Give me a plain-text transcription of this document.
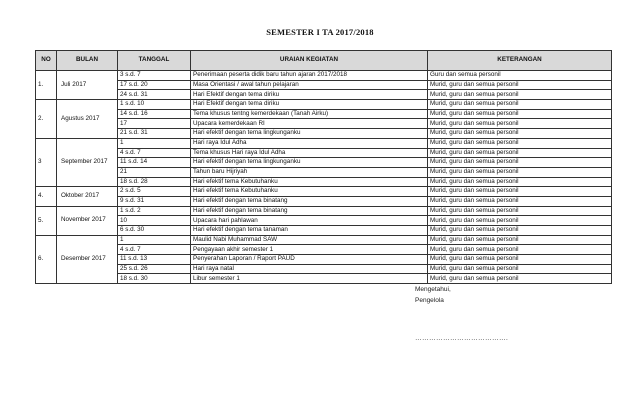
SEMESTER I TA 2017/2018
NO	BULAN	TANGGAL	URAIAN KEGIATAN	KETERANGAN
1.	Juli 2017	3 s.d. 7	Penerimaan peserta didik baru tahun ajaran 2017/2018	Guru dan semua personil
		17 s.d. 20	Masa Orientasi / awal tahun pelajaran	Murid, guru dan semua personil
		24 s.d. 31	Hari Efektif dengan tema diriku	Murid, guru dan semua personil
2.	Agustus 2017	1 s.d. 10	Hari Efektif dengan tema diriku	Murid, guru dan semua personil
		14 s.d. 16	Tema khusus tentng kemerdekaan (Tanah Airku)	Murid, guru dan semua personil
		17	Upacara kemerdekaan RI	Murid, guru dan semua personil
		21 s.d. 31	Hari efektif dengan tema lingkunganku	Murid, guru dan semua personil
3	September 2017	1	Hari raya Idul Adha	Murid, guru dan semua personil
		4 s.d. 7	Tema khusus Hari raya Idul Adha	Murid, guru dan semua personil
		11 s.d. 14	Hari efektif dengan tema lingkunganku	Murid, guru dan semua personil
		21	Tahun baru Hijriyah	Murid, guru dan semua personil
		18 s.d. 28	Hari efektif tema Kebutuhanku	Murid, guru dan semua personil
4.	Oktober 2017	2 s.d. 5	Hari efektif tema Kebutuhanku	Murid, guru dan semua personil
		9 s.d. 31	Hari efektif dengan tema binatang	Murid, guru dan semua personil
5.	November 2017	1 s.d. 2	Hari efektif dengan tema binatang	Murid, guru dan semua personil
		10	Upacara hari pahlawan	Murid, guru dan semua personil
		6 s.d. 30	Hari efektif dengan tema tanaman	Murid, guru dan semua personil
6.	Desember 2017	1	Maulid Nabi Muhammad SAW	Murid, guru dan semua personil
		4 s.d. 7	Pengayaan akhir semester 1	Murid, guru dan semua personil
		11 s.d. 13	Penyerahan Laporan / Raport PAUD	Murid, guru dan semua personil
		25 s.d. 26	Hari raya natal	Murid, guru dan semua personil
		18 s.d. 30	Libur semester 1	Murid, guru dan semua personil
Mengetahui,
Pengelola
………………………………….
